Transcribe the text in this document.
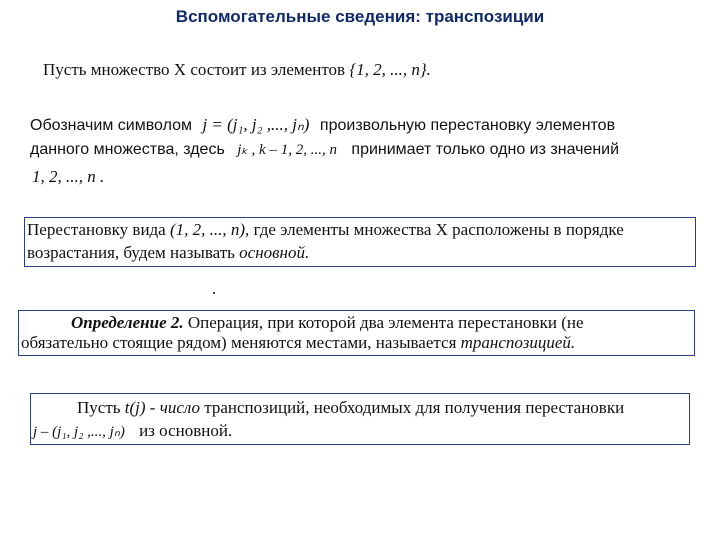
Вспомогательные сведения: транспозиции
Пусть множество X состоит из элементов {1, 2, ..., n}.
Обозначим символом j = (j₁, j₂ ,..., jₙ) произвольную перестановку элементов
данного множества, здесь jₖ , k – 1, 2, ..., n принимает только одно из значений
1, 2, ..., n .
Перестановку вида (1, 2, ..., n), где элементы множества X расположены в порядке
возрастания, будем называть основной.
Определение 2. Операция, при которой два элемента перестановки (не
обязательно стоящие рядом) меняются местами, называется транспозицией.
Пусть t(j) - число транспозиций, необходимых для получения перестановки
j – (j₁, j₂ ,..., jₙ) из основной.
